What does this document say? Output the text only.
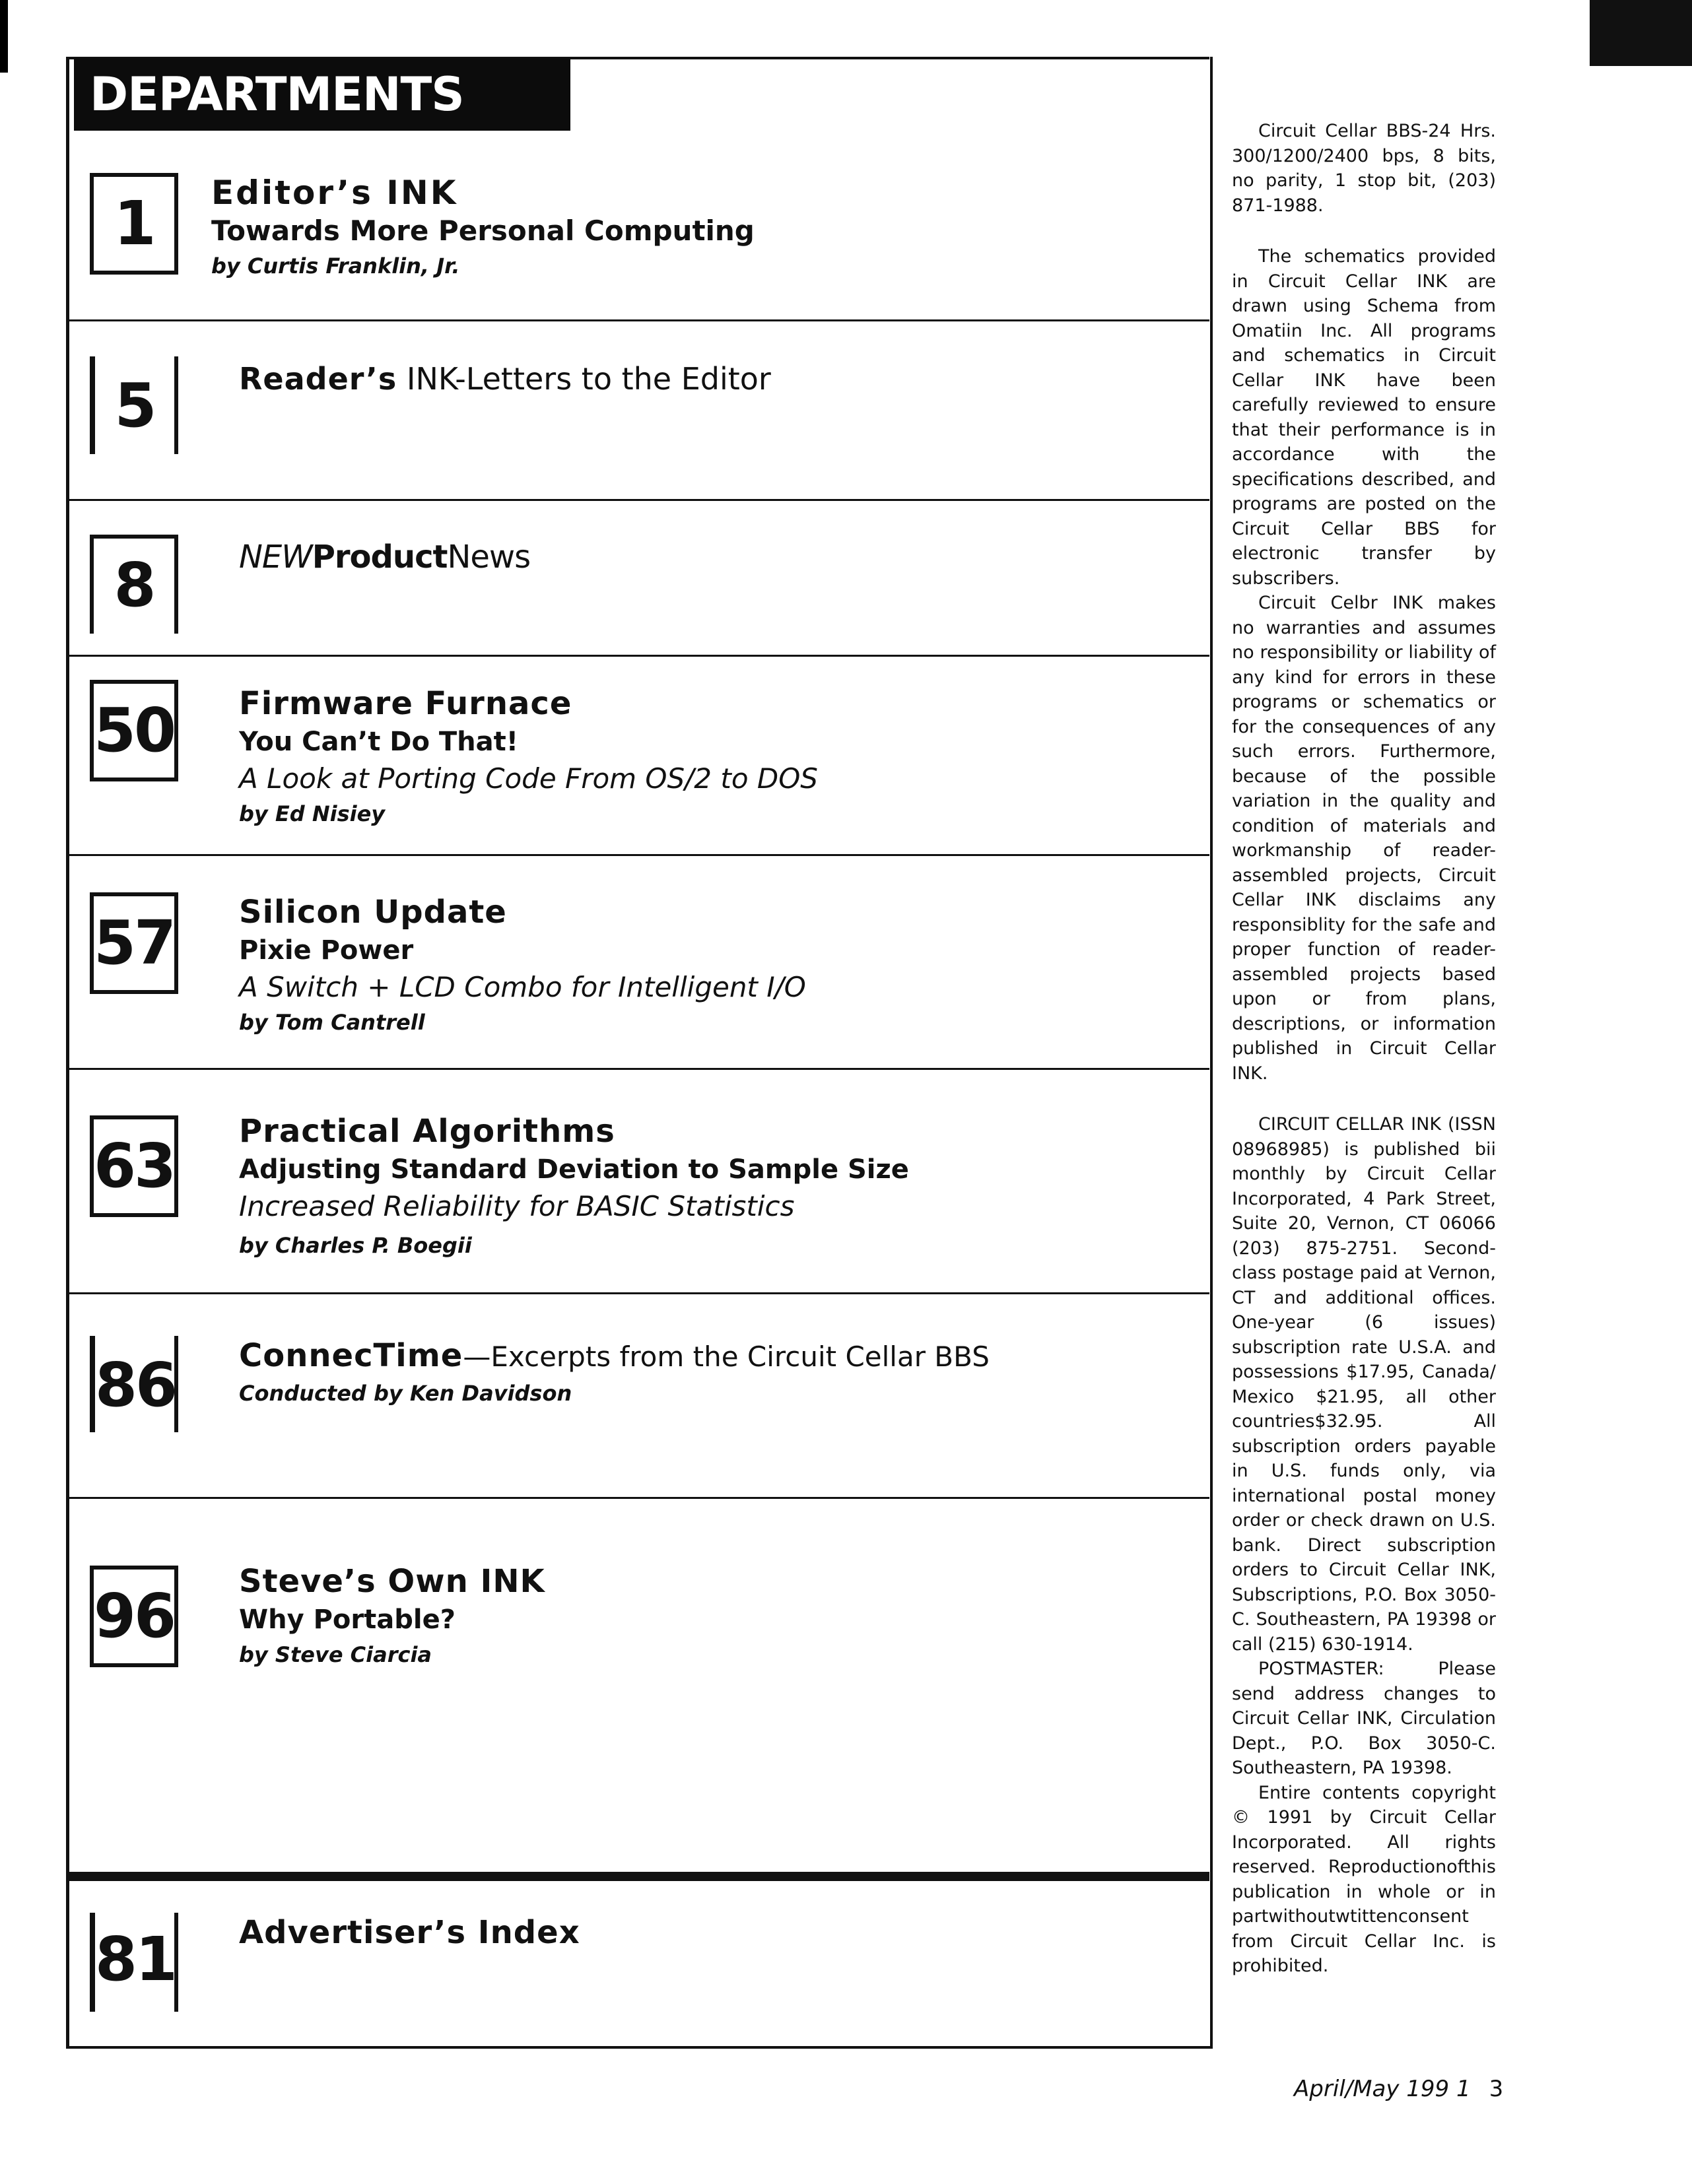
DEPARTMENTS
1	Editor’s INK

Towards More Personal Computing

by Curtis Franklin, Jr.

5	Reader’s INK-Letters to the Editor

8	NEWProductNews

50 Firmware Furnace

You Can’t Do That!

A Look at Porting Code From OS/2 to DOS

by Ed Nisiey

57 Silicon Update

Pixie Power

A Switch + LCD Combo for Intelligent I/O

by Tom Cantrell

63 Practical Algorithms

Adjusting Standard Deviation to Sample Size

Increased Reliability for BASIC Statistics

by Charles P. Boegii

86 ConnecTime—Excerpts from the Circuit Cellar BBS

Conducted by Ken Davidson

96 Steve’s Own INK

Why Portable?

by Steve Ciarcia

81 Advertiser’s Index

Circuit Cellar BBS-24 Hrs. 300/1200/2400 bps, 8 bits, no parity, 1 stop bit, (203) 871-1988.

The schematics provided in Circuit Cellar INK are drawn using Schema from Omatiin Inc. All programs and schematics in Circuit Cellar INK have been carefully reviewed to ensure that their performance is in accordance with the specifications described, and programs are posted on the Circuit Cellar BBS for electronic transfer by subscribers.

Circuit Celbr INK makes no warranties and assumes no responsibility or liability of any kind for errors in these programs or schematics or for the consequences of any such errors. Furthermore, because of the possible variation in the quality and condition of materials and workmanship of reader-assembled projects, Circuit Cellar INK disclaims any responsiblity for the safe and proper function of reader-assembled projects based upon or from plans, descriptions, or information published in Circuit Cellar INK.

CIRCUIT CELLAR INK (ISSN 08968985) is published bii monthly by Circuit Cellar Incorporated, 4 Park Street, Suite 20, Vernon, CT 06066 (203) 875-2751. Second-class postage paid at Vernon, CT and additional offices. One-year (6 issues) subscription rate U.S.A. and possessions $17.95, Canada/ Mexico $21.95, all other countries$32.95. All subscription orders payable in U.S. funds only, via international postal money order or check drawn on U.S. bank. Direct subscription orders to Circuit Cellar INK, Subscriptions, P.O. Box 3050-C. Southeastern, PA 19398 or call (215) 630-1914.

POSTMASTER: Please send address changes to Circuit Cellar INK, Circulation Dept., P.O. Box 3050-C. Southeastern, PA 19398.

Entire contents copyright © 1991 by Circuit Cellar Incorporated. All rights reserved. Reproductionofthis publication in whole or in partwithoutwtittenconsent from Circuit Cellar Inc. is prohibited.

April/May 199 1 3
